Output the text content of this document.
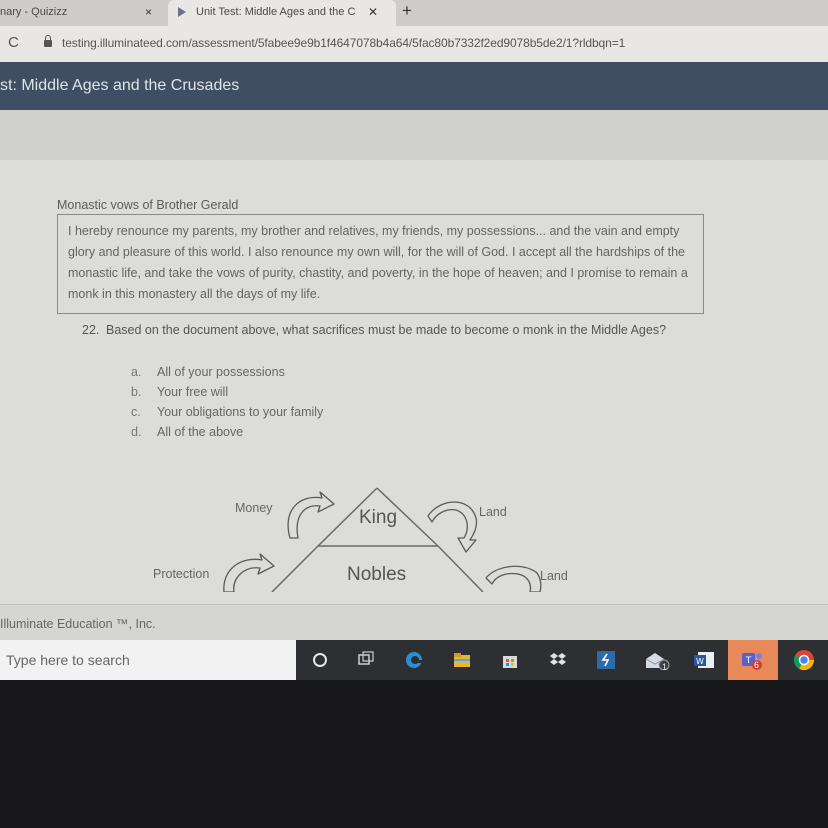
nary - Quizizz	×	Unit Test: Middle Ages and the C ✕ +
C	testing.illuminateed.com/assessment/5fabee9e9b1f4647078b4a64/5fac80b7332f2ed9078b5de2/1?rldbqn=1
st: Middle Ages and the Crusades
Monastic vows of Brother Gerald

I hereby renounce my parents, my brother and relatives, my friends, my possessions... and the vain and empty glory and pleasure of this world. I also renounce my own will, for the will of God. I accept all the hardships of the monastic life, and take the vows of purity, chastity, and poverty, in the hope of heaven; and I promise to remain a monk in this monastery all the days of my life.

22. Based on the document above, what sacrifices must be made to become o monk in the Middle Ages?
a. All of your possessions
b. Your free will
c. Your obligations to your family
d. All of the above
Money	King	Land
Protection	Nobles	Land
Illuminate Education ™, Inc.
Type here to search	1
W	T 6
